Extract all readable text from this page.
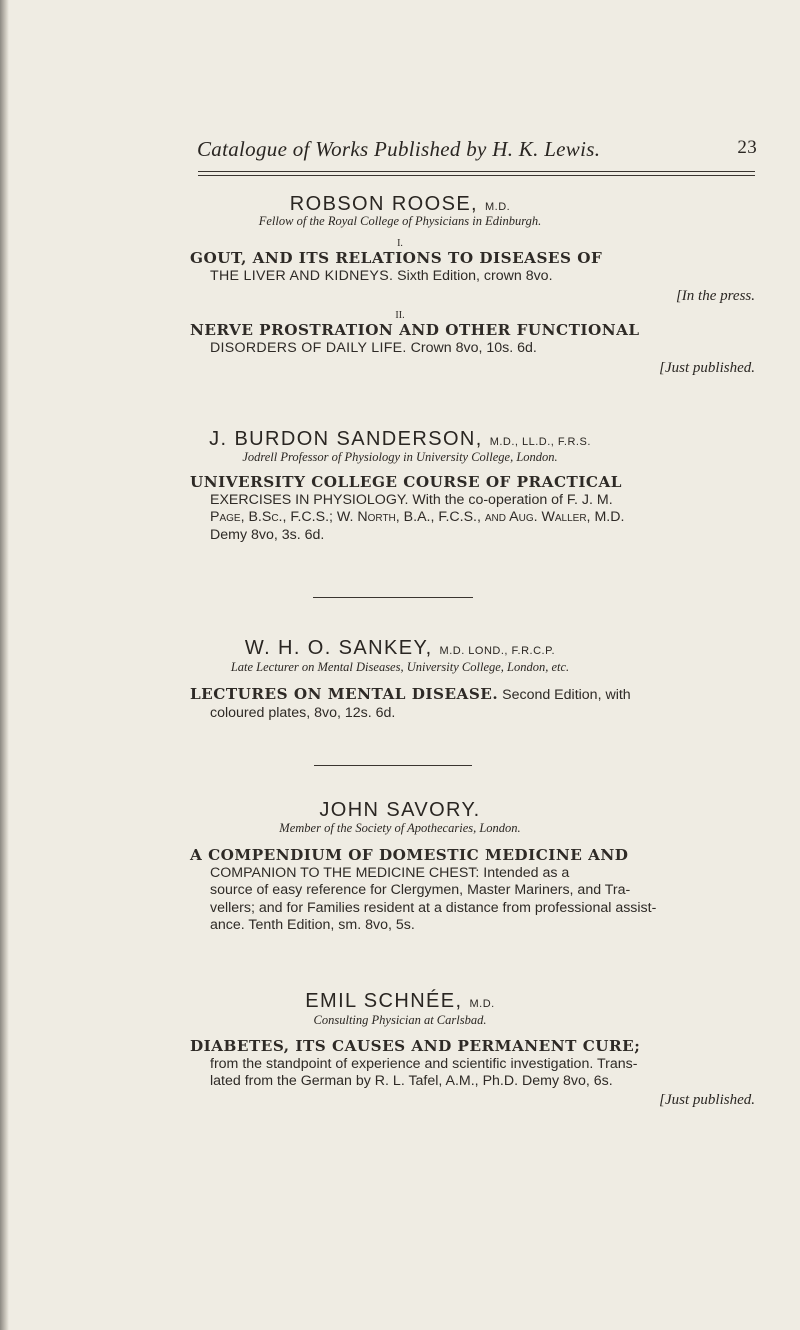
Catalogue of Works Published by H. K. Lewis.	23
ROBSON ROOSE, M.D.
Fellow of the Royal College of Physicians in Edinburgh.
I.
GOUT, AND ITS RELATIONS TO DISEASES OF
THE LIVER AND KIDNEYS. Sixth Edition, crown 8vo.
[In the press.
II.
NERVE PROSTRATION AND OTHER FUNCTIONAL
DISORDERS OF DAILY LIFE. Crown 8vo, 10s. 6d.
[Just published.
J. BURDON SANDERSON, M.D., LL.D., F.R.S.
Jodrell Professor of Physiology in University College, London.
UNIVERSITY COLLEGE COURSE OF PRACTICAL
EXERCISES IN PHYSIOLOGY. With the co-operation of F. J. M.
Page, B.Sc., F.C.S.; W. North, B.A., F.C.S., and Aug. Waller, M.D.
Demy 8vo, 3s. 6d.
W. H. O. SANKEY, M.D. LOND., F.R.C.P.
Late Lecturer on Mental Diseases, University College, London, etc.
LECTURES ON MENTAL DISEASE. Second Edition, with
coloured plates, 8vo, 12s. 6d.
JOHN SAVORY.
Member of the Society of Apothecaries, London.
A COMPENDIUM OF DOMESTIC MEDICINE AND
COMPANION TO THE MEDICINE CHEST: Intended as a
source of easy reference for Clergymen, Master Mariners, and Tra-
vellers; and for Families resident at a distance from professional assist-
ance. Tenth Edition, sm. 8vo, 5s.
EMIL SCHNÉE, M.D.
Consulting Physician at Carlsbad.
DIABETES, ITS CAUSES AND PERMANENT CURE;
from the standpoint of experience and scientific investigation. Trans-
lated from the German by R. L. Tafel, A.M., Ph.D. Demy 8vo, 6s.
[Just published.
